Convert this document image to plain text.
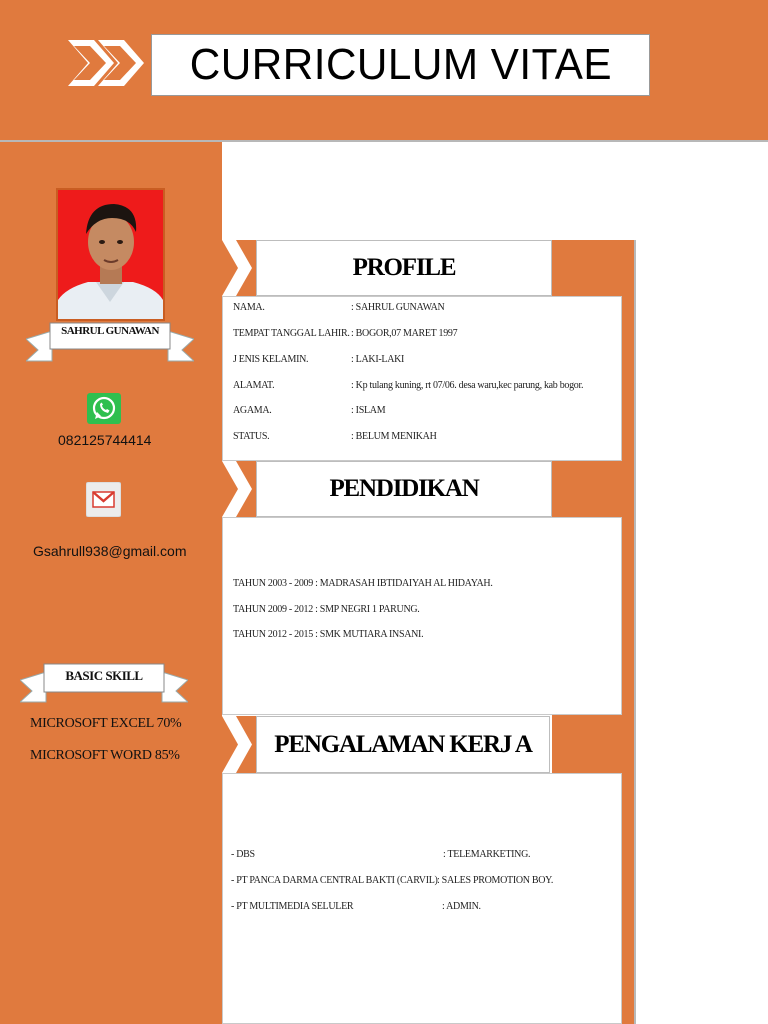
CURRICULUM VITAE
SAHRUL GUNAWAN
082125744414
Gsahrull938@gmail.com
BASIC SKILL
MICROSOFT EXCEL 70%
MICROSOFT WORD 85%
PROFILE
NAMA.	: SAHRUL GUNAWAN
TEMPAT TANGGAL LAHIR. : BOGOR,07 MARET 1997
J ENIS KELAMIN.	: LAKI-LAKI
ALAMAT.	: Kp tulang kuning, rt 07/06. desa waru,kec parung, kab bogor.
AGAMA.	: ISLAM
STATUS.	: BELUM MENIKAH
PENDIDIKAN
TAHUN 2003 - 2009 : MADRASAH IBTIDAIYAH AL HIDAYAH.
TAHUN 2009 - 2012 : SMP NEGRI 1 PARUNG.
TAHUN 2012 - 2015 : SMK MUTIARA INSANI.
PENGALAMAN KERJ A
- DBS	: TELEMARKETING.
- PT PANCA DARMA CENTRAL BAKTI (CARVIL) : SALES PROMOTION BOY.
- PT MULTIMEDIA SELULER	: ADMIN.
